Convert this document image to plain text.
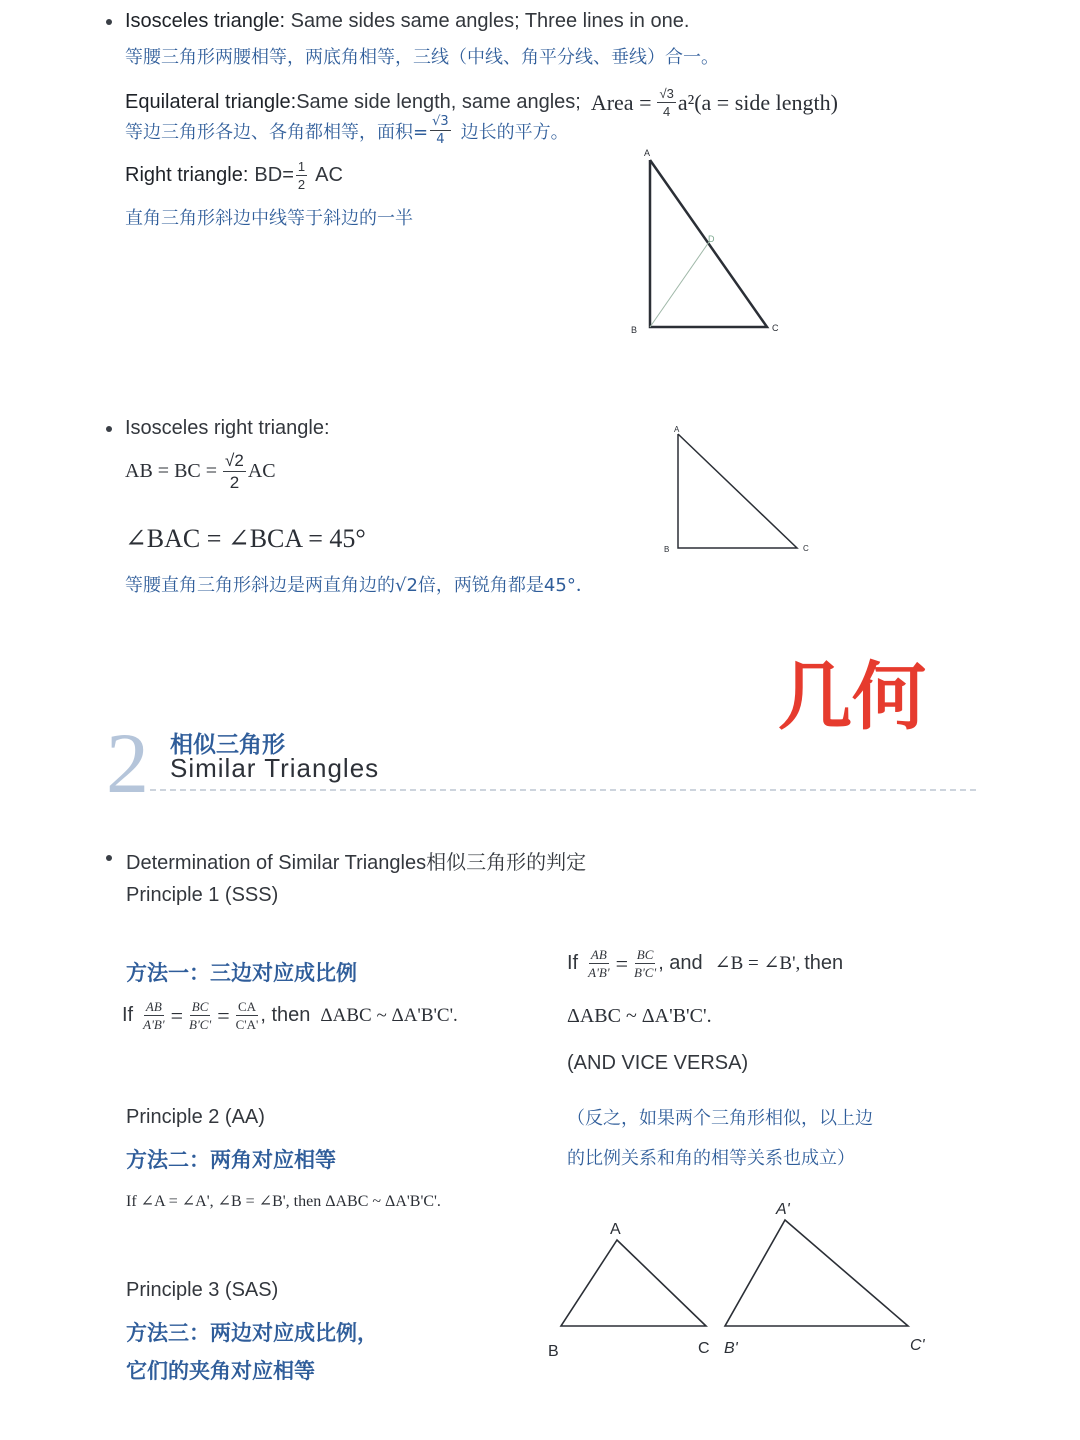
Isosceles triangle: Same sides same angles; Three lines in one.
等腰三角形两腰相等，两底角相等，三线（中线、角平分线、垂线）合一。
Equilateral triangle: Same side length, same angles; Area = $\frac{√3}{4} a^2(a$ = side length)
等边三角形各边、各角都相等，面积= $\frac{√3}{4}$ 边长的平方。
Right triangle: $BD= \frac{1}{2}$ AC
直角三角形斜边中线等于斜边的一半
A
B	C
D
Isosceles right triangle:
AB = BC = $\frac{√2}{2}$ AC
∠BAC = ∠BCA = 45°
等腰直角三角形斜边是两直角边的√2倍，两锐角都是45°．
A
B	C
几何
2 相似三角形
Similar Triangles
Determination of Similar Triangles相似三角形的判定
Principle 1 (SSS)
方法一：三边对应成比例
If $\frac{AB}{A'B'} = \frac{BC}{B'C'} = \frac{CA}{C'A'}$ , then ΔABC ~ ΔA'B'C'.
If $\frac{AB}{A'B'} = \frac{BC}{B'C'}$ , and ∠B = ∠B', then
ΔABC ~ ΔA'B'C'.
(AND VICE VERSA)
（反之，如果两个三角形相似，以上边
的比例关系和角的相等关系也成立）
Principle 2 (AA)
方法二：两角对应相等
If ∠A = ∠A', ∠B = ∠B', then ΔABC ~ ΔA'B'C'.
Principle 3 (SAS)
方法三：两边对应成比例，
它们的夹角对应相等
A
B	C
A'
B'	C'
